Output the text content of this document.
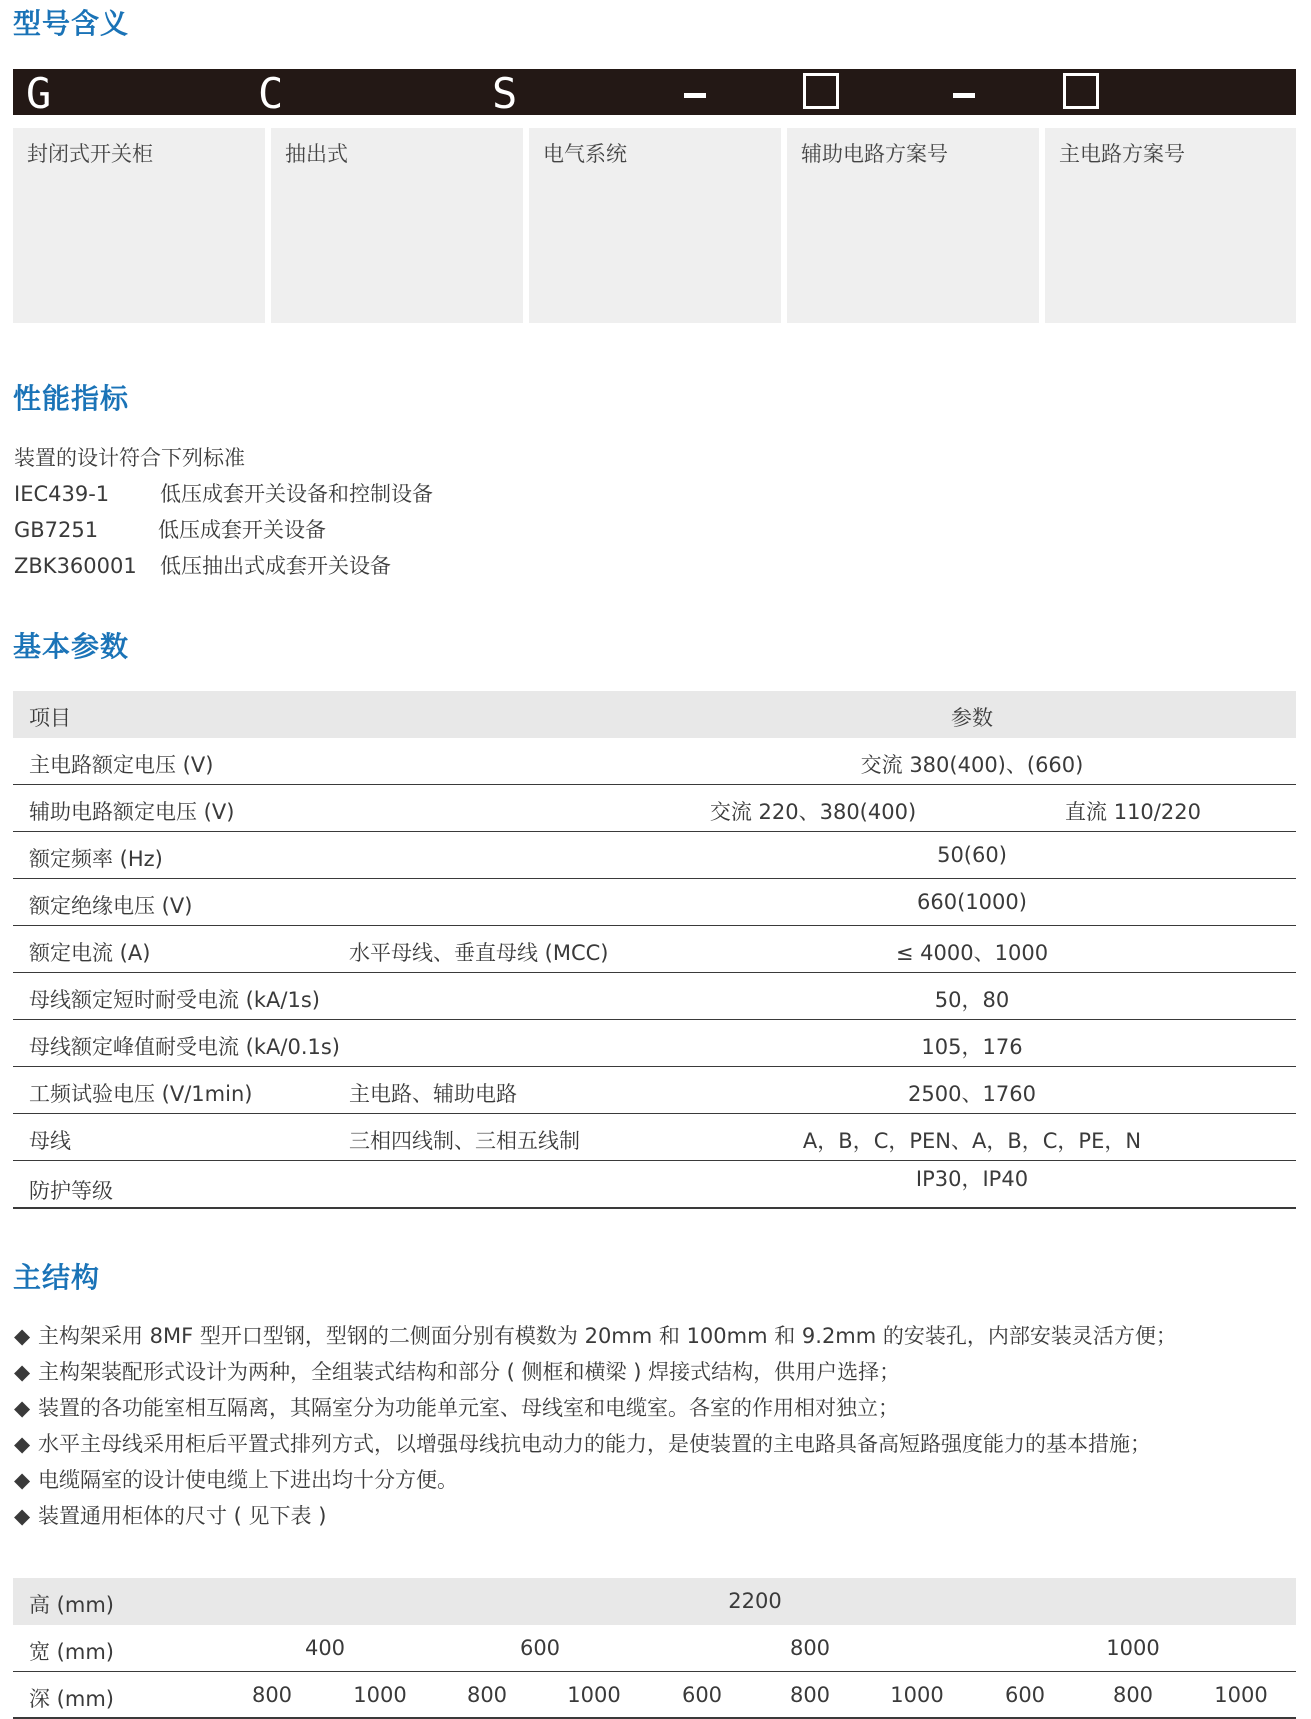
型号含义
G	C	S
封闭式开关柜	抽出式	电气系统	辅助电路方案号	主电路方案号
性能指标
装置的设计符合下列标准
IEC439-1 低压成套开关设备和控制设备
GB7251	低压成套开关设备
ZBK360001 低压抽出式成套开关设备
基本参数
项目	参数
主电路额定电压 (V)	交流 380(400)、(660)
辅助电路额定电压 (V)	交流 220、380(400)	直流 110/220
额定频率 (Hz)	50(60)
额定绝缘电压 (V)	660(1000)
额定电流 (A)	水平母线、垂直母线 (MCC)	≤ 4000、1000
母线额定短时耐受电流 (kA/1s)	50，80
母线额定峰值耐受电流 (kA/0.1s)	105，176
工频试验电压 (V/1min)	主电路、辅助电路	2500、1760
母线	三相四线制、三相五线制	A，B，C，PEN、A，B，C，PE，N
防护等级	IP30，IP40
主结构
◆ 主构架采用 8MF 型开口型钢，型钢的二侧面分别有模数为 20mm 和 100mm 和 9.2mm 的安装孔，内部安装灵活方便；
◆ 主构架装配形式设计为两种，全组装式结构和部分 ( 侧框和横梁 ) 焊接式结构，供用户选择；
◆ 装置的各功能室相互隔离，其隔室分为功能单元室、母线室和电缆室。各室的作用相对独立；
◆ 水平主母线采用柜后平置式排列方式，以增强母线抗电动力的能力，是使装置的主电路具备高短路强度能力的基本措施；
◆ 电缆隔室的设计使电缆上下进出均十分方便。
◆ 装置通用柜体的尺寸 ( 见下表 )
高 (mm)	2200
宽 (mm)	400	600	800	1000
深 (mm)	800	1000	800	1000	600	800	1000	600	800	1000
